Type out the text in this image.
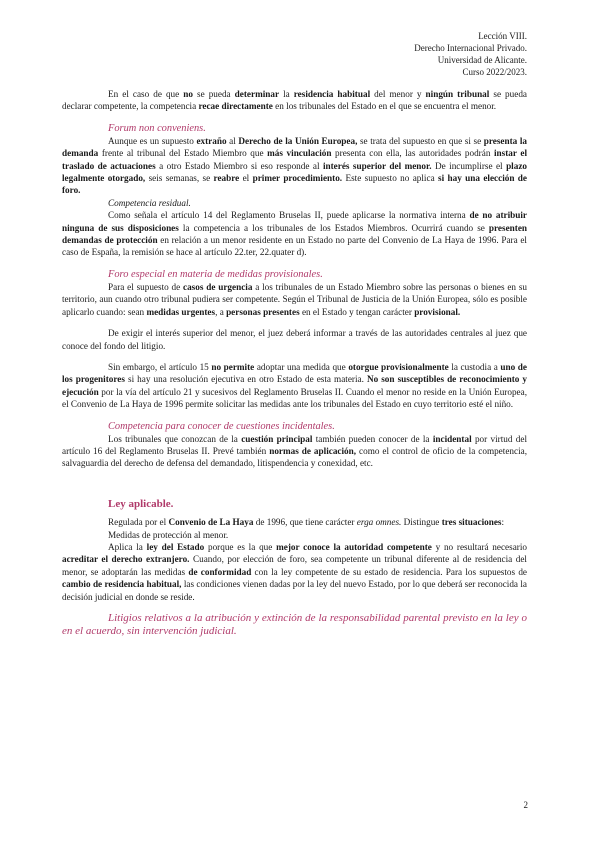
Lección VIII.
Derecho Internacional Privado.
Universidad de Alicante.
Curso 2022/2023.

En el caso de que no se pueda determinar la residencia habitual del menor y ningún tribunal se pueda declarar competente, la competencia recae directamente en los tribunales del Estado en el que se encuentra el menor.

Forum non conveniens.

Aunque es un supuesto extraño al Derecho de la Unión Europea, se trata del supuesto en que si se presenta la demanda frente al tribunal del Estado Miembro que más vinculación presenta con ella, las autoridades podrán instar el traslado de actuaciones a otro Estado Miembro si eso responde al interés superior del menor. De incumplirse el plazo legalmente otorgado, seis semanas, se reabre el primer procedimiento. Este supuesto no aplica si hay una elección de foro.

Competencia residual.

Como señala el artículo 14 del Reglamento Bruselas II, puede aplicarse la normativa interna de no atribuir ninguna de sus disposiciones la competencia a los tribunales de los Estados Miembros. Ocurrirá cuando se presenten demandas de protección en relación a un menor residente en un Estado no parte del Convenio de La Haya de 1996. Para el caso de España, la remisión se hace al artículo 22.ter, 22.quater d).

Foro especial en materia de medidas provisionales.

Para el supuesto de casos de urgencia a los tribunales de un Estado Miembro sobre las personas o bienes en su territorio, aun cuando otro tribunal pudiera ser competente. Según el Tribunal de Justicia de la Unión Europea, sólo es posible aplicarlo cuando: sean medidas urgentes, a personas presentes en el Estado y tengan carácter provisional.

De exigir el interés superior del menor, el juez deberá informar a través de las autoridades centrales al juez que conoce del fondo del litigio.

Sin embargo, el artículo 15 no permite adoptar una medida que otorgue provisionalmente la custodia a uno de los progenitores si hay una resolución ejecutiva en otro Estado de esta materia. No son susceptibles de reconocimiento y ejecución por la vía del artículo 21 y sucesivos del Reglamento Bruselas II. Cuando el menor no reside en la Unión Europea, el Convenio de La Haya de 1996 permite solicitar las medidas ante los tribunales del Estado en cuyo territorio esté el niño.

Competencia para conocer de cuestiones incidentales.

Los tribunales que conozcan de la cuestión principal también pueden conocer de la incidental por virtud del artículo 16 del Reglamento Bruselas II. Prevé también normas de aplicación, como el control de oficio de la competencia, salvaguardia del derecho de defensa del demandado, litispendencia y conexidad, etc.

Ley aplicable.

Regulada por el Convenio de La Haya de 1996, que tiene carácter erga omnes. Distingue tres situaciones:

Medidas de protección al menor.

Aplica la ley del Estado porque es la que mejor conoce la autoridad competente y no resultará necesario acreditar el derecho extranjero. Cuando, por elección de foro, sea competente un tribunal diferente al de residencia del menor, se adoptarán las medidas de conformidad con la ley competente de su estado de residencia. Para los supuestos de cambio de residencia habitual, las condiciones vienen dadas por la ley del nuevo Estado, por lo que deberá ser reconocida la decisión judicial en donde se reside.

Litigios relativos a la atribución y extinción de la responsabilidad parental previsto en la ley o en el acuerdo, sin intervención judicial.

2
